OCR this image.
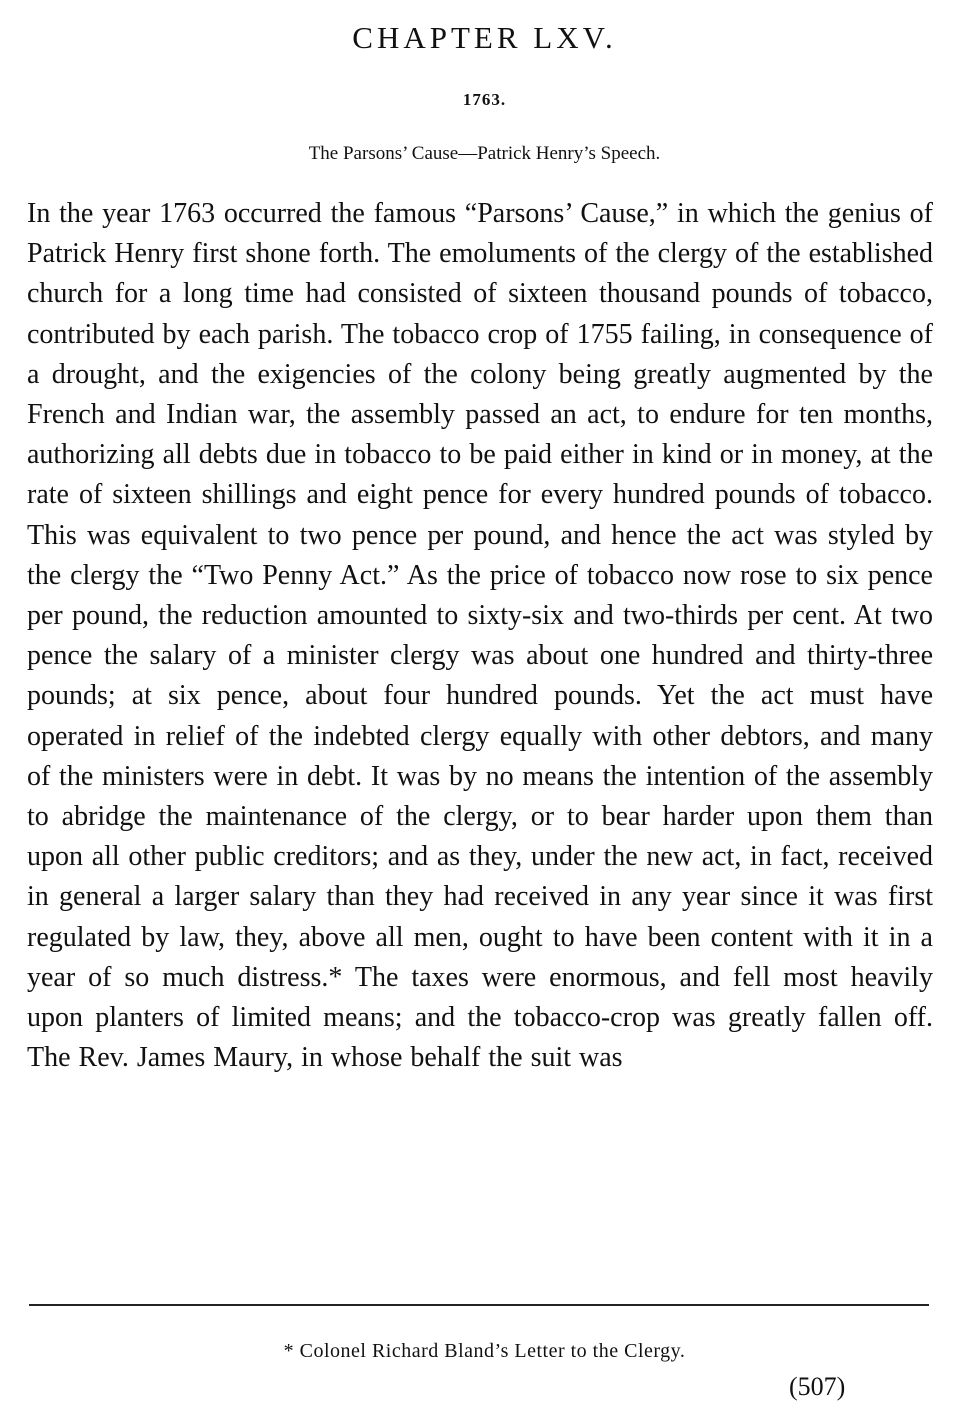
CHAPTER LXV.
1763.
The Parsons’ Cause—Patrick Henry’s Speech.

In the year 1763 occurred the famous “Parsons’ Cause,” in which the genius of Patrick Henry first shone forth. The emoluments of the clergy of the established church for a long time had consisted of sixteen thousand pounds of tobacco, contributed by each parish. The tobacco crop of 1755 failing, in consequence of a drought, and the exigencies of the colony being greatly augmented by the French and Indian war, the assembly passed an act, to endure for ten months, authorizing all debts due in tobacco to be paid either in kind or in money, at the rate of sixteen shillings and eight pence for every hundred pounds of tobacco. This was equivalent to two pence per pound, and hence the act was styled by the clergy the “Two Penny Act.” As the price of tobacco now rose to six pence per pound, the reduction amounted to sixty-six and two-thirds per cent. At two pence the salary of a minister clergy was about one hundred and thirty-three pounds; at six pence, about four hundred pounds. Yet the act must have operated in relief of the indebted clergy equally with other debtors, and many of the ministers were in debt. It was by no means the intention of the assembly to abridge the maintenance of the clergy, or to bear harder upon them than upon all other public creditors; and as they, under the new act, in fact, received in general a larger salary than they had received in any year since it was first regulated by law, they, above all men, ought to have been content with it in a year of so much distress.* The taxes were enormous, and fell most heavily upon planters of limited means; and the tobacco-crop was greatly fallen off. The Rev. James Maury, in whose behalf the suit was

* Colonel Richard Bland’s Letter to the Clergy.
(507)
